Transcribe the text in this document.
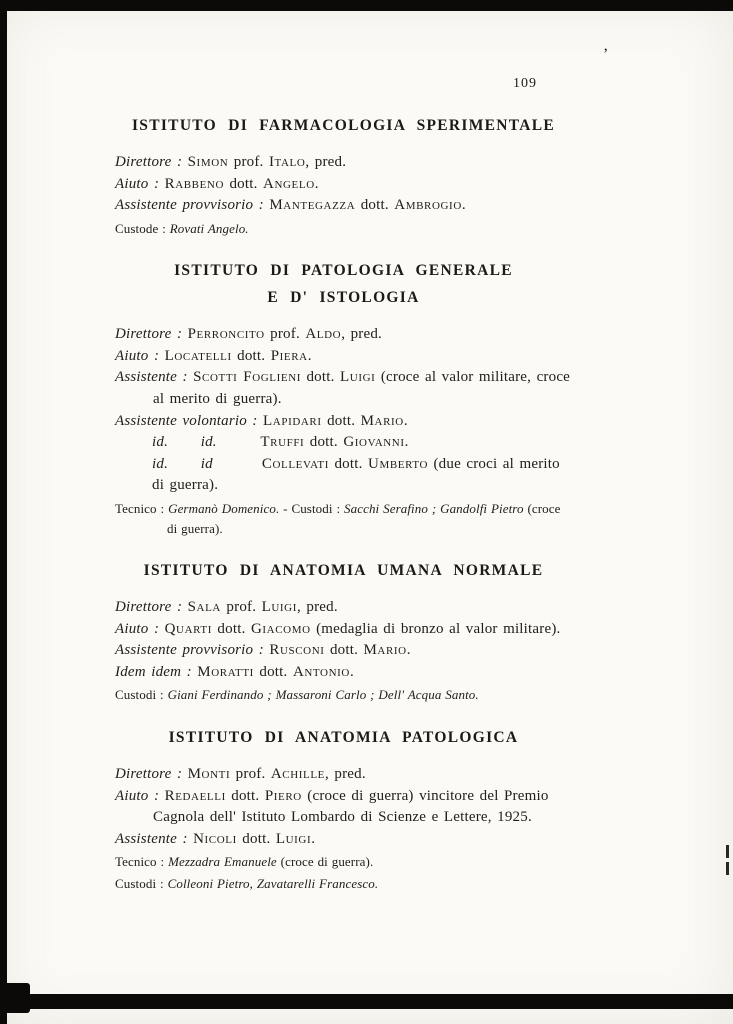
’
109
ISTITUTO DI FARMACOLOGIA SPERIMENTALE

Direttore : Simon prof. Italo, pred.

Aiuto : Rabbeno dott. Angelo.

Assistente provvisorio : Mantegazza dott. Ambrogio.

Custode : Rovati Angelo.

ISTITUTO DI PATOLOGIA GENERALE
E D' ISTOLOGIA

Direttore : Perroncito prof. Aldo, pred.

Aiuto : Locatelli dott. Piera.

Assistente : Scotti Foglieni dott. Luigi (croce al valor militare, croce al merito di guerra).

Assistente volontario : Lapidari dott. Mario.

id. id.	Truffi dott. Giovanni.

id. id	Collevati dott. Umberto (due croci al merito di guerra).

Tecnico : Germanò Domenico. - Custodi : Sacchi Serafino ; Gandolfi Pietro (croce di guerra).

ISTITUTO DI ANATOMIA UMANA NORMALE

Direttore : Sala prof. Luigi, pred.

Aiuto : Quarti dott. Giacomo (medaglia di bronzo al valor militare).

Assistente provvisorio : Rusconi dott. Mario.

Idem idem : Moratti dott. Antonio.

Custodi : Giani Ferdinando ; Massaroni Carlo ; Dell' Acqua Santo.

ISTITUTO DI ANATOMIA PATOLOGICA

Direttore : Monti prof. Achille, pred.

Aiuto : Redaelli dott. Piero (croce di guerra) vincitore del Premio Cagnola dell' Istituto Lombardo di Scienze e Lettere, 1925.

Assistente : Nicoli dott. Luigi.

Tecnico : Mezzadra Emanuele (croce di guerra).

Custodi : Colleoni Pietro, Zavatarelli Francesco.
